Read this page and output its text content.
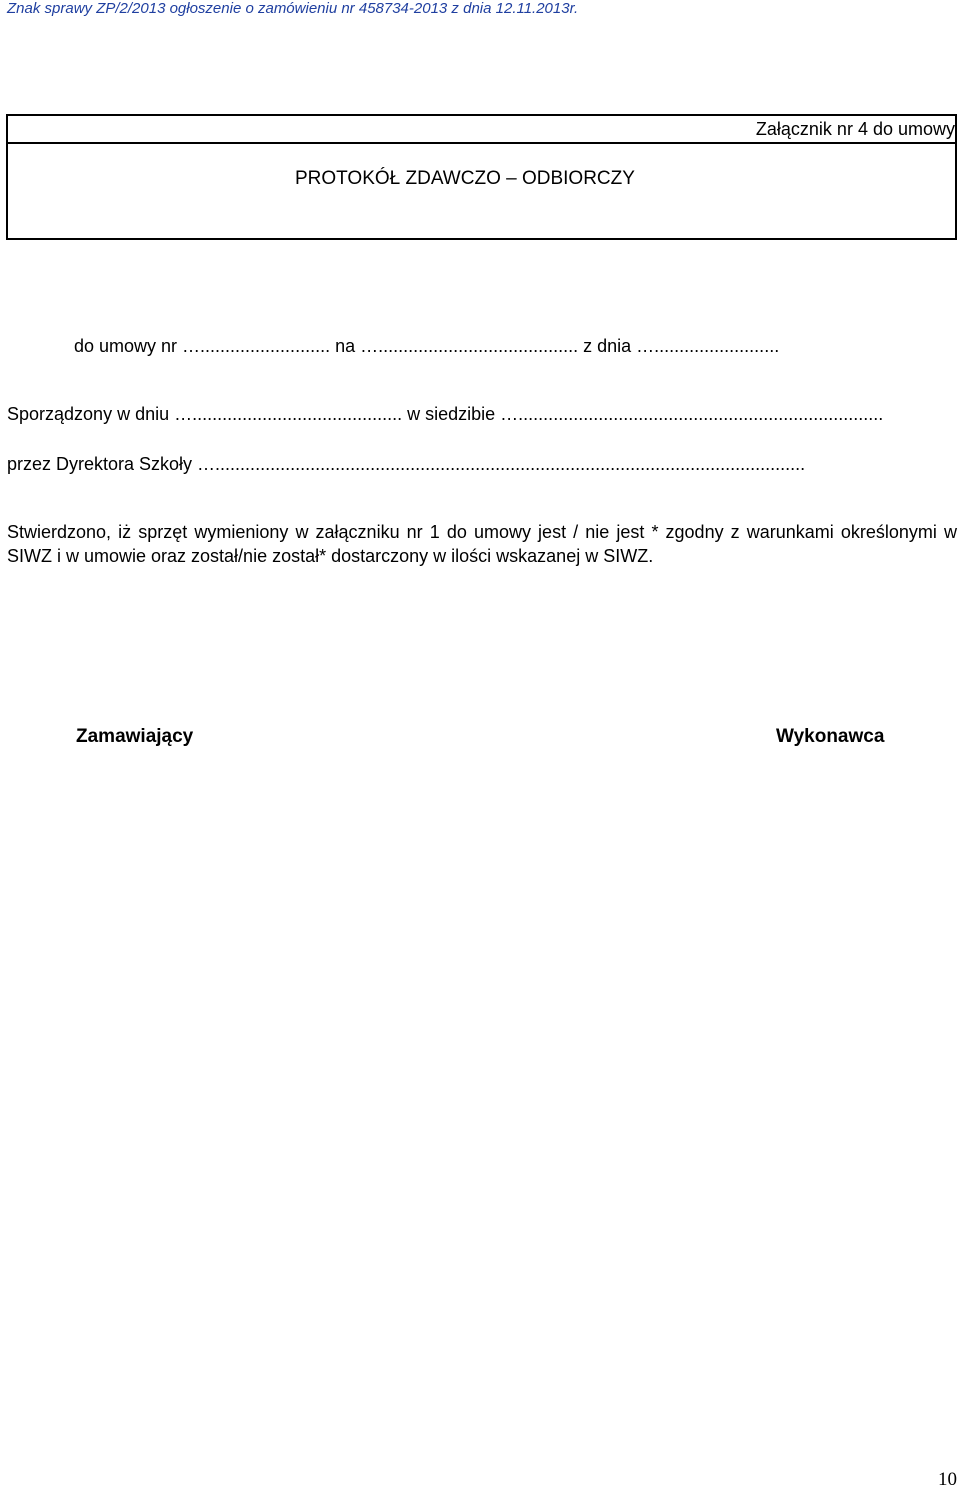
Znak sprawy ZP/2/2013 ogłoszenie o zamówieniu nr 458734-2013 z dnia 12.11.2013r.
Załącznik nr 4 do umowy
PROTOKÓŁ ZDAWCZO – ODBIORCZY
do umowy nr ….......................... na …........................................ z dnia ….........................
Sporządzony w dniu ….......................................... w siedzibie ….........................................................................
przez Dyrektora Szkoły …......................................................................................................................
Stwierdzono, iż sprzęt wymieniony w załączniku nr 1 do umowy jest / nie jest * zgodny z warunkami określonymi w SIWZ i w umowie oraz został/nie został* dostarczony w ilości wskazanej w SIWZ.
Zamawiający	Wykonawca
10
